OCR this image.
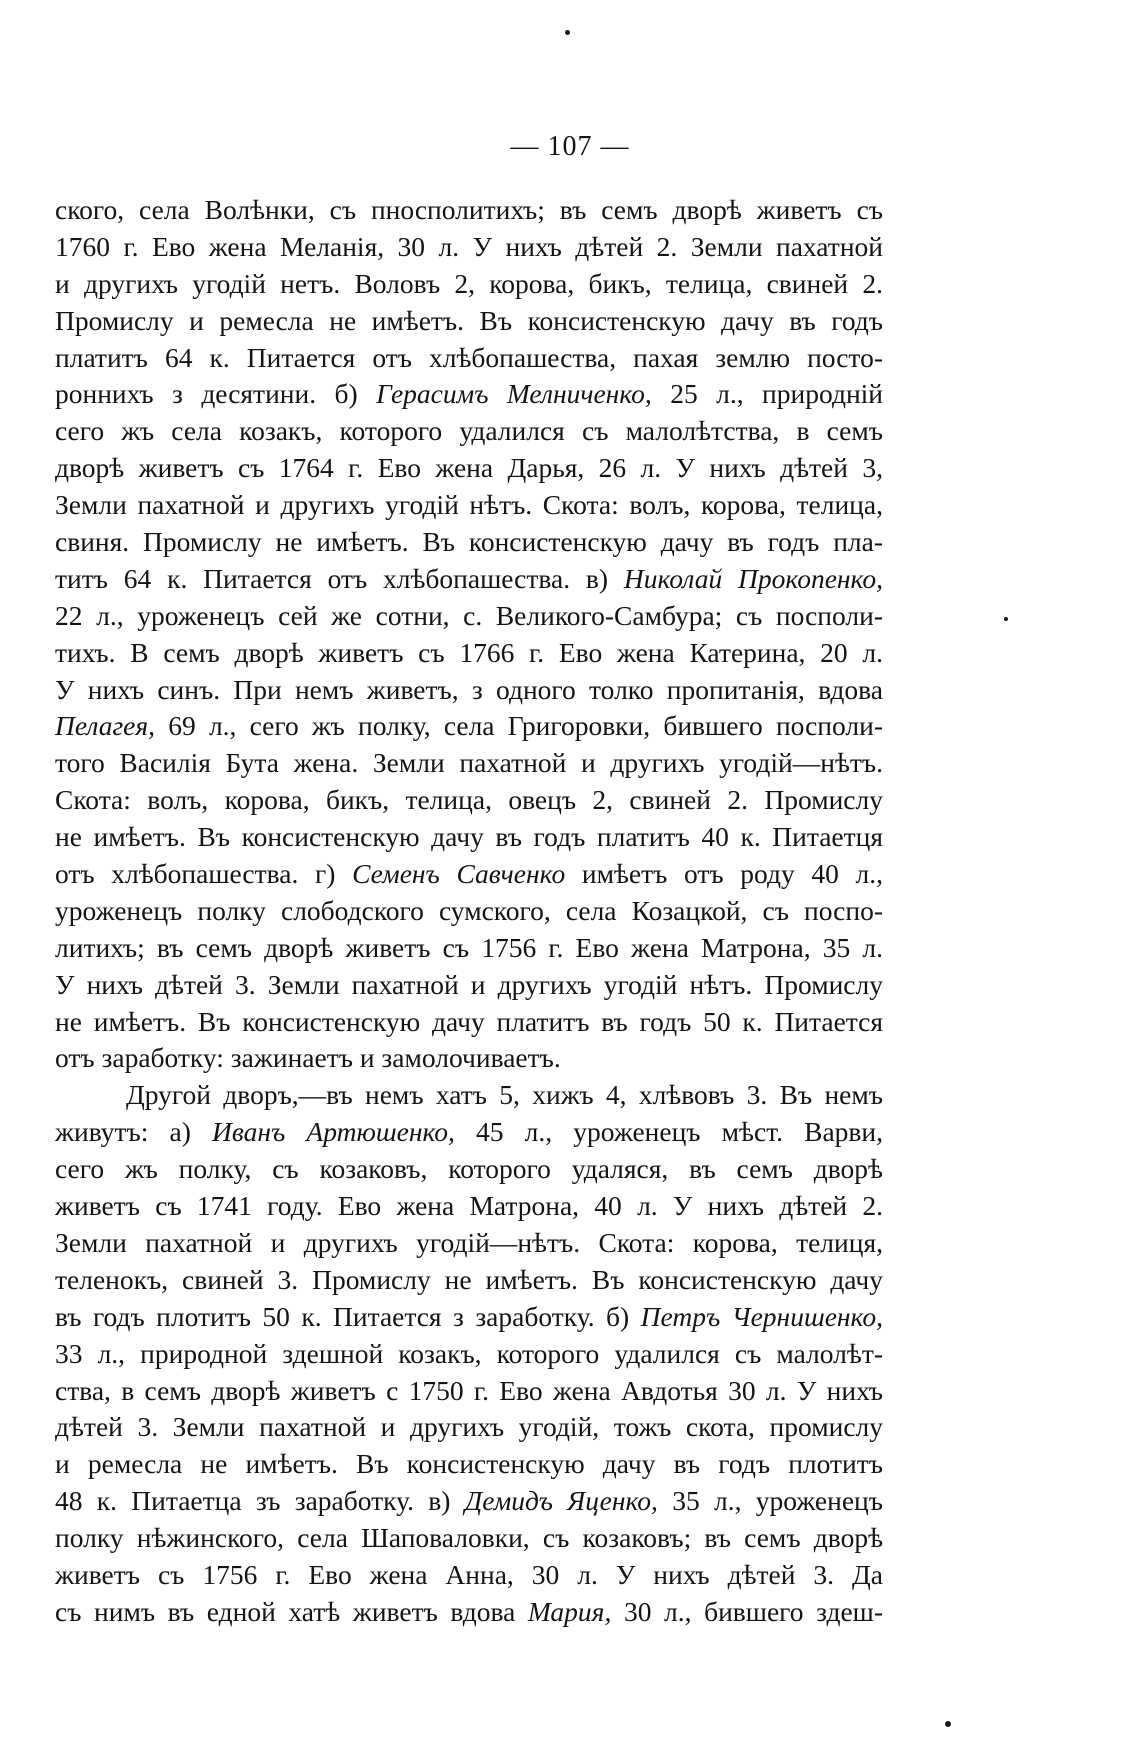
— 107 —
ского, села Волѣнки, съ пносполитихъ; въ семъ дворѣ живетъ съ
1760 г. Ево жена Меланія, 30 л. У нихъ дѣтей 2. Земли пахатной
и другихъ угодій нетъ. Воловъ 2, корова, бикъ, телица, свиней 2.
Промислу и ремесла не имѣетъ. Въ консистенскую дачу въ годъ
платитъ 64 к. Питается отъ хлѣбопашества, пахая землю посто-
роннихъ з десятини. б) Герасимъ Мелниченко, 25 л., природній
сего жъ села козакъ, которого удалился съ малолѣтства, в семъ
дворѣ живетъ съ 1764 г. Ево жена Дарья, 26 л. У нихъ дѣтей 3,
Земли пахатной и другихъ угодій нѣтъ. Скота: волъ, корова, телица,
свиня. Промислу не имѣетъ. Въ консистенскую дачу въ годъ пла-
титъ 64 к. Питается отъ хлѣбопашества. в) Николай Прокопенко,
22 л., уроженецъ сей же сотни, с. Великого-Самбура; съ посполи-
тихъ. В семъ дворѣ живетъ съ 1766 г. Ево жена Катерина, 20 л.
У нихъ синъ. При немъ живетъ, з одного толко пропитанія, вдова
Пелагея, 69 л., сего жъ полку, села Григоровки, бившего посполи-
того Василія Бута жена. Земли пахатной и другихъ угодій—нѣтъ.
Скота: волъ, корова, бикъ, телица, овецъ 2, свиней 2. Промислу
не имѣетъ. Въ консистенскую дачу въ годъ платитъ 40 к. Питаетця
отъ хлѣбопашества. г) Семенъ Савченко имѣетъ отъ роду 40 л.,
уроженецъ полку слободского сумского, села Козацкой, съ поспо-
литихъ; въ семъ дворѣ живетъ съ 1756 г. Ево жена Матрона, 35 л.
У нихъ дѣтей 3. Земли пахатной и другихъ угодій нѣтъ. Промислу
не имѣетъ. Въ консистенскую дачу платитъ въ годъ 50 к. Питается
отъ заработку: зажинаетъ и замолочиваетъ.
Другой дворъ,—въ немъ хатъ 5, хижъ 4, хлѣвовъ 3. Въ немъ
живутъ: а) Иванъ Артюшенко, 45 л., уроженецъ мѣст. Варви,
сего жъ полку, съ козаковъ, которого удаляся, въ семъ дворѣ
живетъ съ 1741 году. Ево жена Матрона, 40 л. У нихъ дѣтей 2.
Земли пахатной и другихъ угодій—нѣтъ. Скота: корова, телиця,
теленокъ, свиней 3. Промислу не имѣетъ. Въ консистенскую дачу
въ годъ плотитъ 50 к. Питается з заработку. б) Петръ Чернишенко,
33 л., природной здешной козакъ, которого удалился съ малолѣт-
ства, в семъ дворѣ живетъ с 1750 г. Ево жена Авдотья 30 л. У нихъ
дѣтей 3. Земли пахатной и другихъ угодій, тожъ скота, промислу
и ремесла не имѣетъ. Въ консистенскую дачу въ годъ плотитъ
48 к. Питаетца зъ заработку. в) Демидъ Яценко, 35 л., уроженецъ
полку нѣжинского, села Шаповаловки, съ козаковъ; въ семъ дворѣ
живетъ съ 1756 г. Ево жена Анна, 30 л. У нихъ дѣтей 3. Да
съ нимъ въ едной хатѣ живетъ вдова Мария, 30 л., бившего здеш-
